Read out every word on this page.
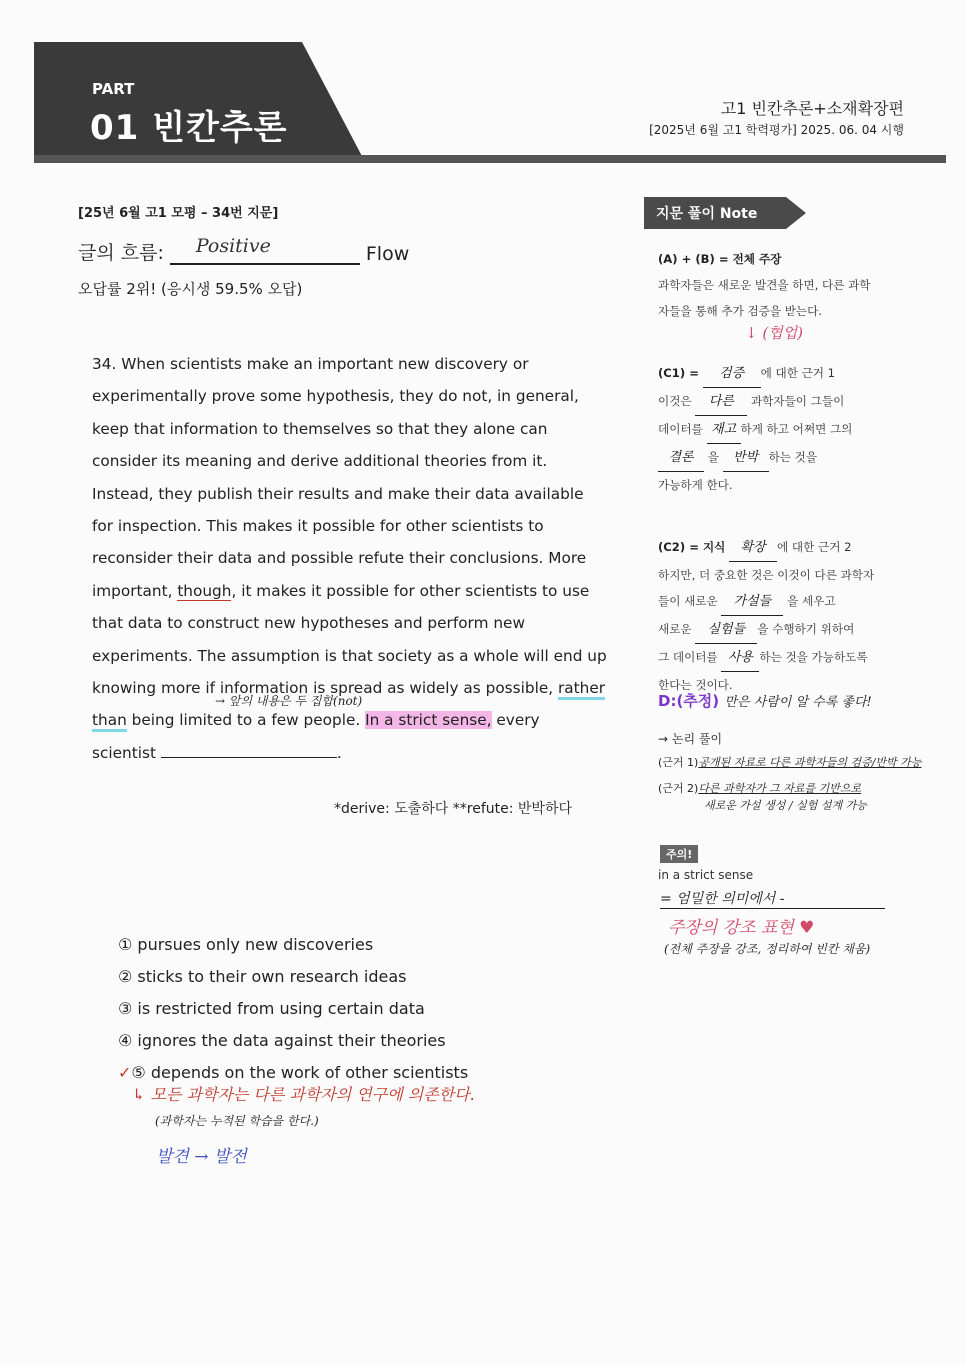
PART
01 빈칸추론	고1 빈칸추론+소재확장편
[2025년 6월 고1 학력평가] 2025. 06. 04 시행
[25년 6월 고1 모평 – 34번 지문]
글의 흐름: Positive	Flow
오답률 2위! (응시생 59.5% 오답)

34. When scientists make an important new discovery or experimentally prove some hypothesis, they do not, in general, keep that information to themselves so that they alone can consider its meaning and derive additional theories from it. Instead, they publish their results and make their data available for inspection. This makes it possible for other scientists to reconsider their data and possible refute their conclusions. More important, though, it makes it possible for other scientists to use that data to construct new hypotheses and perform new experiments. The assumption is that society as a whole will end up knowing more if information is spread as widely as possible, rather than being limited to a few people. In a strict sense, every scientist	.

→ 앞의 내용은 두 집합(not)
*derive: 도출하다 **refute: 반박하다
① pursues only new discoveries
② sticks to their own research ideas
③ is restricted from using certain data
④ ignores the data against their theories
✓⑤ depends on the work of other scientists
↳ 모든 과학자는 다른 과학자의 연구에 의존한다.
(과학자는 누적된 학습을 한다.)
발견 → 발전
지문 풀이 Note
(A) + (B) = 전체 주장
과학자들은 새로운 발견을 하면, 다른 과학
자들을 통해 추가 검증을 받는다.
↓ (협업)
(C1) = 검증 에 대한 근거 1
이것은 다른 과학자들이 그들이
데이터를 재고 하게 하고 어쩌면 그의
결론 을 반박 하는 것을
가능하게 한다.
(C2) = 지식 확장 에 대한 근거 2
하지만, 더 중요한 것은 이것이 다른 과학자
들이 새로운 가설들 을 세우고
새로운 실험들 을 수행하기 위하여
그 데이터를 사용 하는 것을 가능하도록
한다는 것이다.
D:(추정) 만은 사람이 알 수록 좋다!
→ 논리 풀이
(근거 1)공개된 자료로 다른 과학자들의 검증/반박 가능
(근거 2)다른 과학자가 그 자료를 기반으로
새로운 가설 생성 / 실험 설계 가능
주의!
in a strict sense
= 엄밀한 의미에서 -
주장의 강조 표현 ♥
(전체 주장을 강조, 정리하여 빈칸 채움)
